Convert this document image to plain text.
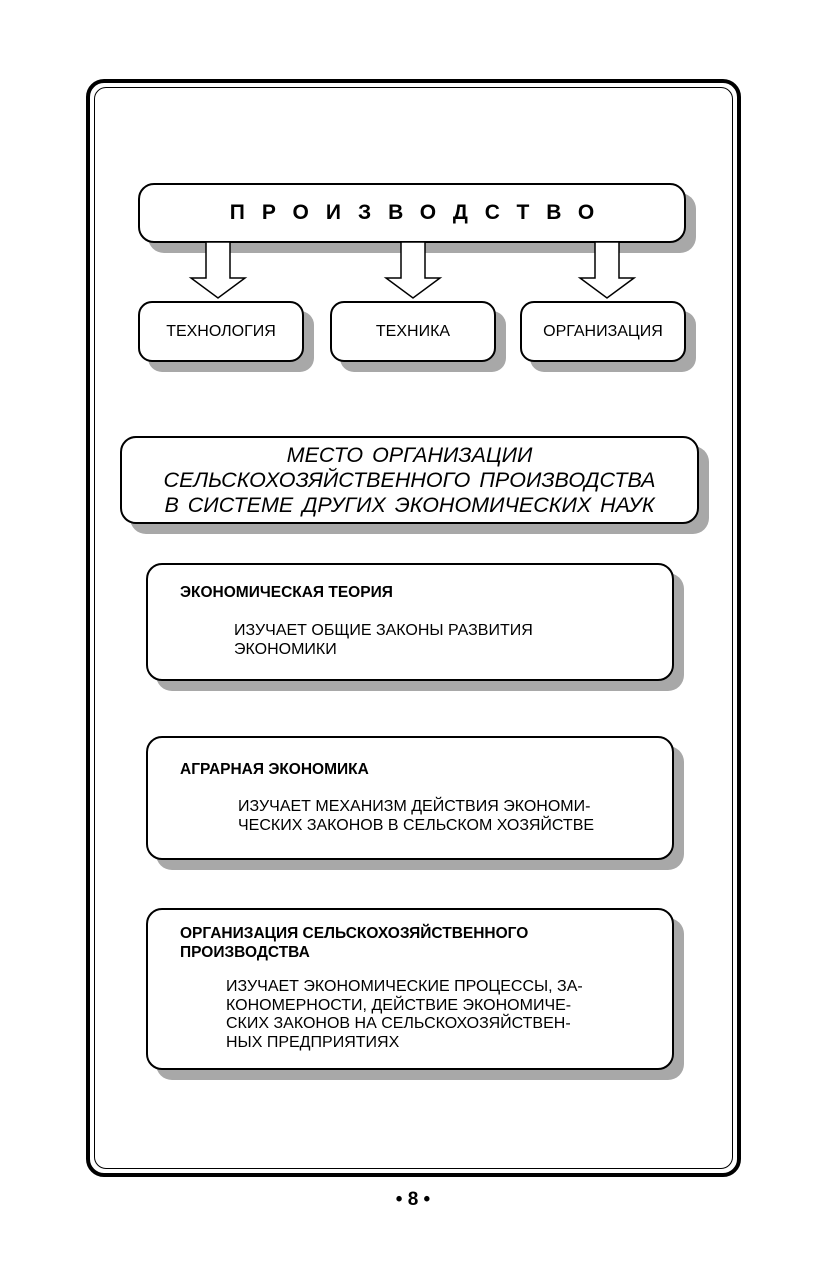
ПРОИЗВОДСТВО
ТЕХНОЛОГИЯ	ТЕХНИКА	ОРГАНИЗАЦИЯ
МЕСТО ОРГАНИЗАЦИИ
СЕЛЬСКОХОЗЯЙСТВЕННОГО ПРОИЗВОДСТВА
В СИСТЕМЕ ДРУГИХ ЭКОНОМИЧЕСКИХ НАУК
ЭКОНОМИЧЕСКАЯ ТЕОРИЯ
ИЗУЧАЕТ ОБЩИЕ ЗАКОНЫ РАЗВИТИЯ
ЭКОНОМИКИ
АГРАРНАЯ ЭКОНОМИКА
ИЗУЧАЕТ МЕХАНИЗМ ДЕЙСТВИЯ ЭКОНОМИ-
ЧЕСКИХ ЗАКОНОВ В СЕЛЬСКОМ ХОЗЯЙСТВЕ
ОРГАНИЗАЦИЯ СЕЛЬСКОХОЗЯЙСТВЕННОГО
ПРОИЗВОДСТВА
ИЗУЧАЕТ ЭКОНОМИЧЕСКИЕ ПРОЦЕССЫ, ЗА-
КОНОМЕРНОСТИ, ДЕЙСТВИЕ ЭКОНОМИЧЕ-
СКИХ ЗАКОНОВ НА СЕЛЬСКОХОЗЯЙСТВЕН-
НЫХ ПРЕДПРИЯТИЯХ
• 8 •
